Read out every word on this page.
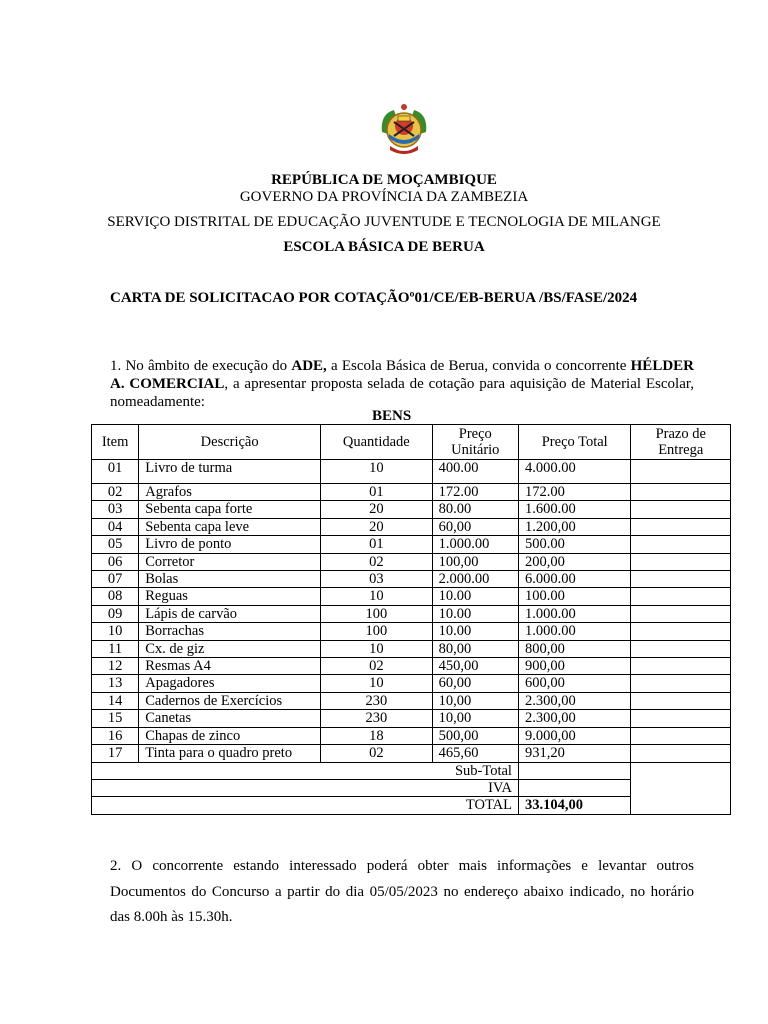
REPÚBLICA DE MOÇAMBIQUE
GOVERNO DA PROVÍNCIA DA ZAMBEZIA
SERVIÇO DISTRITAL DE EDUCAÇÃO JUVENTUDE E TECNOLOGIA DE MILANGE
ESCOLA BÁSICA DE BERUA
CARTA DE SOLICITACAO POR COTAÇÃOº01/CE/EB-BERUA /BS/FASE/2024
1. No âmbito de execução do ADE, a Escola Básica de Berua, convida o concorrente HÉLDER A. COMERCIAL, a apresentar proposta selada de cotação para aquisição de Material Escolar, nomeadamente:
BENS
Item	Descrição	Quantidade	Preço Unitário	Preço Total	Prazo de Entrega
01	Livro de turma	10	400.00	4.000.00	
02	Agrafos	01	172.00	172.00	
03	Sebenta capa forte	20	80.00	1.600.00	
04	Sebenta capa leve	20	60,00	1.200,00	
05	Livro de ponto	01	1.000.00	500.00	
06	Corretor	02	100,00	200,00	
07	Bolas	03	2.000.00	6.000.00	
08	Reguas	10	10.00	100.00	
09	Lápis de carvão	100	10.00	1.000.00	
10	Borrachas	100	10.00	1.000.00	
11	Cx. de giz	10	80,00	800,00	
12	Resmas A4	02	450,00	900,00	
13	Apagadores	10	60,00	600,00	
14	Cadernos de Exercícios	230	10,00	2.300,00	
15	Canetas	230	10,00	2.300,00	
16	Chapas de zinco	18	500,00	9.000,00	
17	Tinta para o quadro preto	02	465,60	931,20	
Sub-Total					
IVA					
TOTAL				33.104,00	
2. O concorrente estando interessado poderá obter mais informações e levantar outros Documentos do Concurso a partir do dia 05/05/2023 no endereço abaixo indicado, no horário das 8.00h às 15.30h.
